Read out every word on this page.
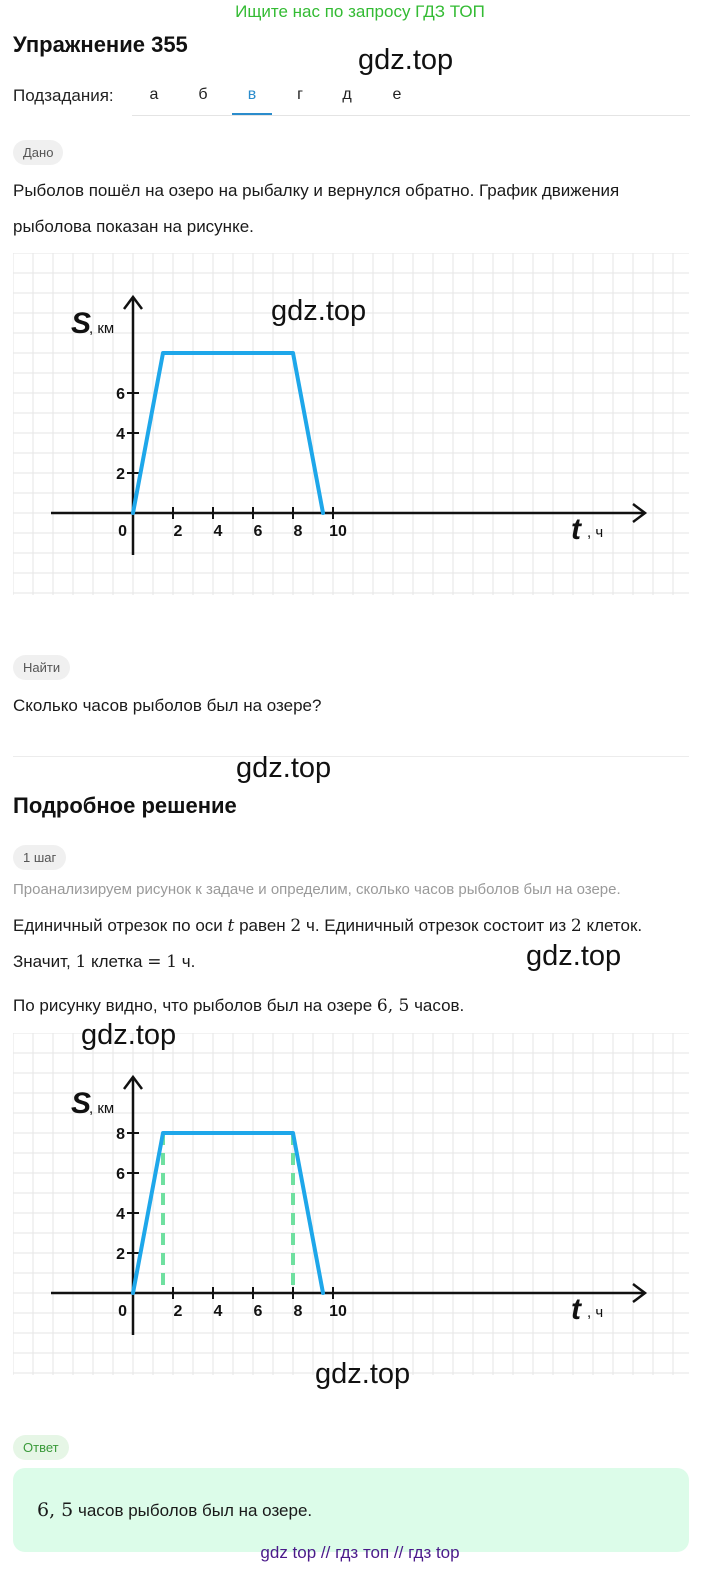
Ищите нас по запросу ГДЗ ТОП
Упражнение 355	gdz.top
Подзадания:	а	б	в	г	д	е
Дано
Рыболов пошёл на озеро на рыбалку и вернулся обратно. График движения
рыболова показан на рисунке.
2 4 6 8 10
2
4
6
0
S
, км
t , ч
gdz.top
Найти
Сколько часов рыболов был на озере?
gdz.top
Подробное решение
1 шаг
Проанализируем рисунок к задаче и определим, сколько часов рыболов был на озере.
Единичный отрезок по оси t равен 2 ч. Единичный отрезок состоит из 2 клеток.
Значит, 1 клетка = 1 ч.	gdz.top
По рисунку видно, что рыболов был на озере 6, 5 часов.
2 4 6 8 10
2
4
6
8
0
S
, км
t , ч
gdz.top
gdz.top
Ответ
6, 5 часов рыболов был на озере.
gdz top // гдз топ // гдз top
